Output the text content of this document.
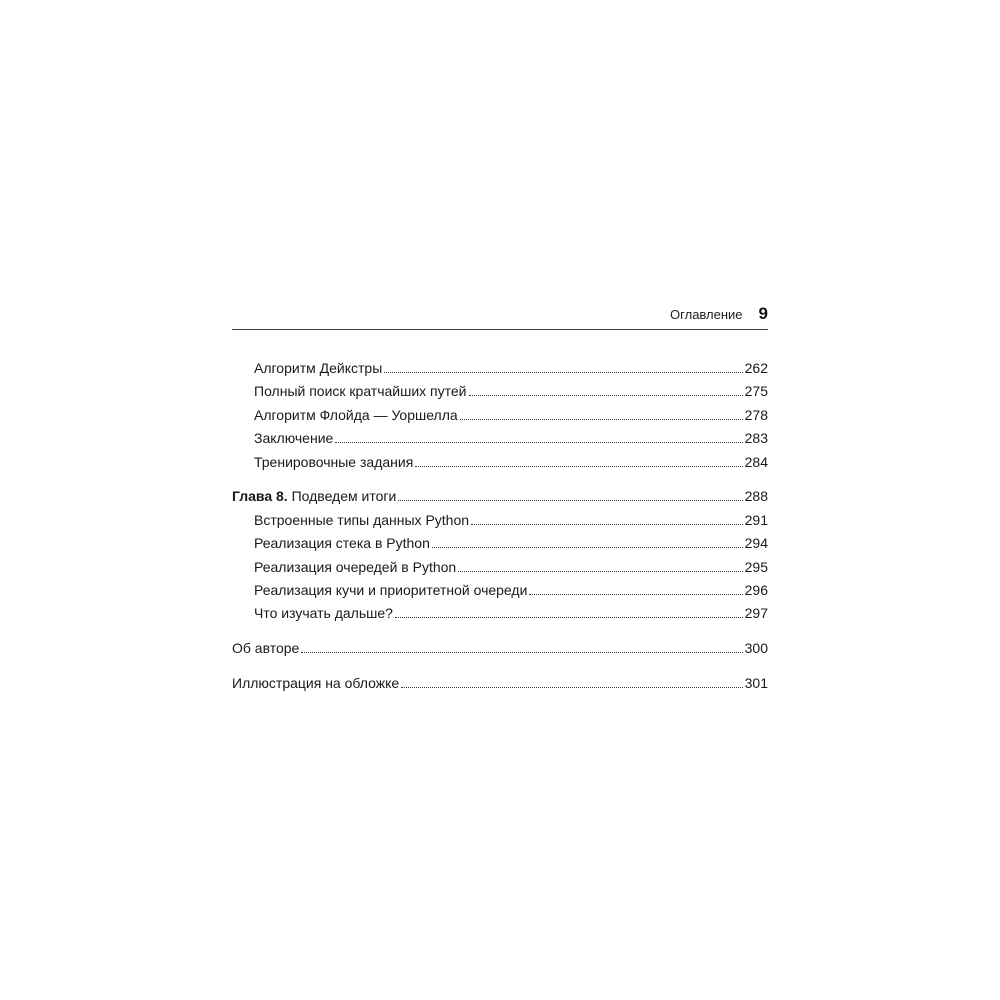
Оглавление 9
Алгоритм Дейкстры	262
Полный поиск кратчайших путей	275
Алгоритм Флойда — Уоршелла	278
Заключение	283
Тренировочные задания	284
Глава 8. Подведем итоги	288
Встроенные типы данных Python	291
Реализация стека в Python	294
Реализация очередей в Python	295
Реализация кучи и приоритетной очереди	296
Что изучать дальше?	297
Об авторе	300
Иллюстрация на обложке	301
